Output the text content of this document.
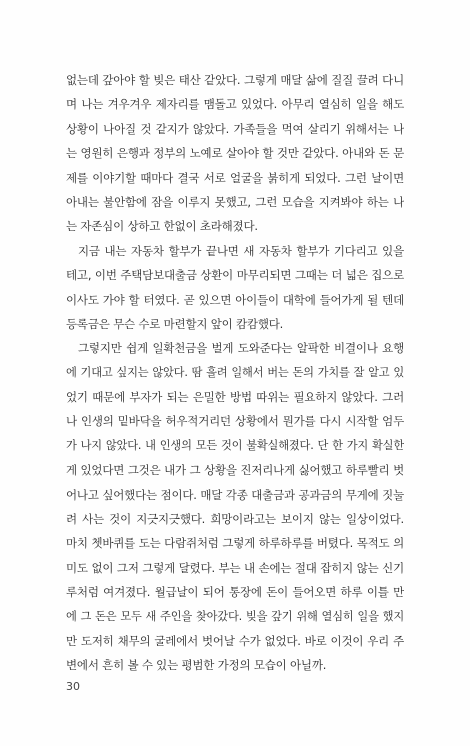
없는데 갚아야 할 빚은 태산 같았다. 그렇게 매달 삶에 질질 끌려 다니
며 나는 겨우겨우 제자리를 맴돌고 있었다. 아무리 열심히 일을 해도
상황이 나아질 것 같지가 않았다. 가족들을 먹여 살리기 위해서는 나
는 영원히 은행과 정부의 노예로 살아야 할 것만 같았다. 아내와 돈 문
제를 이야기할 때마다 결국 서로 얼굴을 붉히게 되었다. 그런 날이면
아내는 불안함에 잠을 이루지 못했고, 그런 모습을 지켜봐야 하는 나
는 자존심이 상하고 한없이 초라해졌다.
지금 내는 자동차 할부가 끝나면 새 자동차 할부가 기다리고 있을
테고, 이번 주택담보대출금 상환이 마무리되면 그때는 더 넓은 집으로
이사도 가야 할 터였다. 곧 있으면 아이들이 대학에 들어가게 될 텐데
등록금은 무슨 수로 마련할지 앞이 캄캄했다.
그렇지만 쉽게 일확천금을 벌게 도와준다는 알팍한 비결이나 요행
에 기대고 싶지는 않았다. 땀 흘려 일해서 버는 돈의 가치를 잘 알고 있
었기 때문에 부자가 되는 은밀한 방법 따위는 필요하지 않았다. 그러
나 인생의 밑바닥을 허우적거리던 상황에서 뭔가를 다시 시작할 엄두
가 나지 않았다. 내 인생의 모든 것이 불확실해졌다. 단 한 가지 확실한
게 있었다면 그것은 내가 그 상황을 진저리나게 싫어했고 하루빨리 벗
어나고 싶어했다는 점이다. 매달 각종 대출금과 공과금의 무게에 짓눌
려 사는 것이 지긋지긋했다. 희망이라고는 보이지 않는 일상이었다.
마치 쳇바퀴를 도는 다람쥐처럼 그렇게 하루하루를 버텼다. 목적도 의
미도 없이 그저 그렇게 달렸다. 부는 내 손에는 절대 잡히지 않는 신기
루처럼 여겨졌다. 월급날이 되어 통장에 돈이 들어오면 하루 이틀 만
에 그 돈은 모두 새 주인을 찾아갔다. 빚을 갚기 위해 열심히 일을 했지
만 도저히 채무의 굴레에서 벗어날 수가 없었다. 바로 이것이 우리 주
변에서 흔히 볼 수 있는 평범한 가정의 모습이 아닐까.
30
